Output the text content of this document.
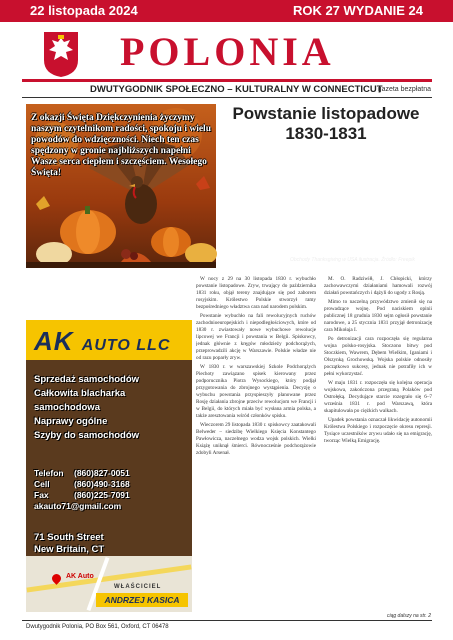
22 listopada 2024	ROK 27 WYDANIE 24
POLONIA
DWUTYGODNIK SPOŁECZNO – KULTURALNY W CONNECTICUT
gazeta bezpłatna
Z okazji Święta Dziękczynienia życzymy naszym czytelnikom radości, spokoju i wielu powodów do wdzięczności. Niech ten czas spędzony w gronie najbliższych napełni Wasze serca ciepłem i szczęściem. Wesołego Święta!
Obchody Thanksgiving w USA ilustracja. Źródło: Freepik
Powstanie listopadowe 1830-1831
AK AUTO LLC
Sprzedaż samochodów
Całkowita blacharka
samochodowa
Naprawy ogólne
Szyby do samochodów
Telefon	(860)827-0051
Cell	(860)490-3168
Fax	(860)225-7091
akauto71@gmail.com
71 South Street
New Britain, CT
AK Auto
WŁAŚCICIEL
ANDRZEJ KASICA

W nocy z 29 na 30 listopada 1830 r. wybuchło powstanie listopadowe. Zryw, trwający do października 1831 roku, objął tereny znajdujące się pod zaborem rosyjskim. Królestwo Polskie stworzył ramy bezpośredniego władztwa cara nad narodem polskim.

Powstanie wybuchło na fali rewolucyjnych ruchów zachodnioeuropejskich i niepodległościowych, które od 1830 r. zwiastowały nowe wybuchowe rewolucje lipcowej we Francji i powstania w Belgii. Spiskowcy, jednak głównie z kręgów młodzieży podchorążych, przeprowadzili akcję w Warszawie. Polskie władze nie od razu poparły zryw.

W 1830 r. w warszawskiej Szkole Podchorążych Piechoty zawiązano spisek kierowany przez podporucznika Piotra Wysockiego, który podjął przygotowania do zbrojnego wystąpienia. Decyzję o wybuchu powstania przyspieszyły planowane przez Rosję działania zbrojne przeciw rewolucjom we Francji i w Belgii, do których miała być wysłana armia polska, a także aresztowania wśród członków spisku.

Wieczorem 29 listopada 1830 r. spiskowcy zaatakowali Belweder – siedzibę Wielkiego Księcia Konstantego Pawłowicza, naczelnego wodza wojsk polskich. Wielki Książę uniknął śmierci. Równocześnie podchorążowie zdobyli Arsenał.

M. O. Radziwiłł, J. Chłopicki, którzy zachowawczymi działaniami hamowali rozwój działań powstańczych i dążyli do ugody z Rosją.

Mimo to naczelną przywództwo zmienił się na prowadzące wojnę. Pod naciskiem opinii publicznej 18 grudnia 1830 sejm ogłosił powstanie narodowe, a 25 stycznia 1831 przyjął detronizację cara Mikołaja I.

Po detronizacji cara rozpoczęła się regularna wojna polsko-rosyjska. Stoczono bitwy pod Stoczkiem, Wawrem, Dębem Wielkim, Iganiami i Olszynką Grochowską. Wojska polskie odnosiły początkowo sukcesy, jednak nie potrafiły ich w pełni wykorzystać.

W maju 1831 r. rozpoczęła się kolejna operacja wojskowa, zakończona przegraną Polaków pod Ostrołęką. Decydujące starcie rozegrało się 6–7 września 1831 r. pod Warszawą, która skapitulowała po ciężkich walkach.

Upadek powstania oznaczał likwidację autonomii Królestwa Polskiego i rozpoczęcie okresu represji. Tysiące uczestników zrywu udało się na emigrację, tworząc Wielką Emigrację.

ciąg dalszy na str. 2
Dwutygodnik Polonia, PO Box 561, Oxford, CT 06478
